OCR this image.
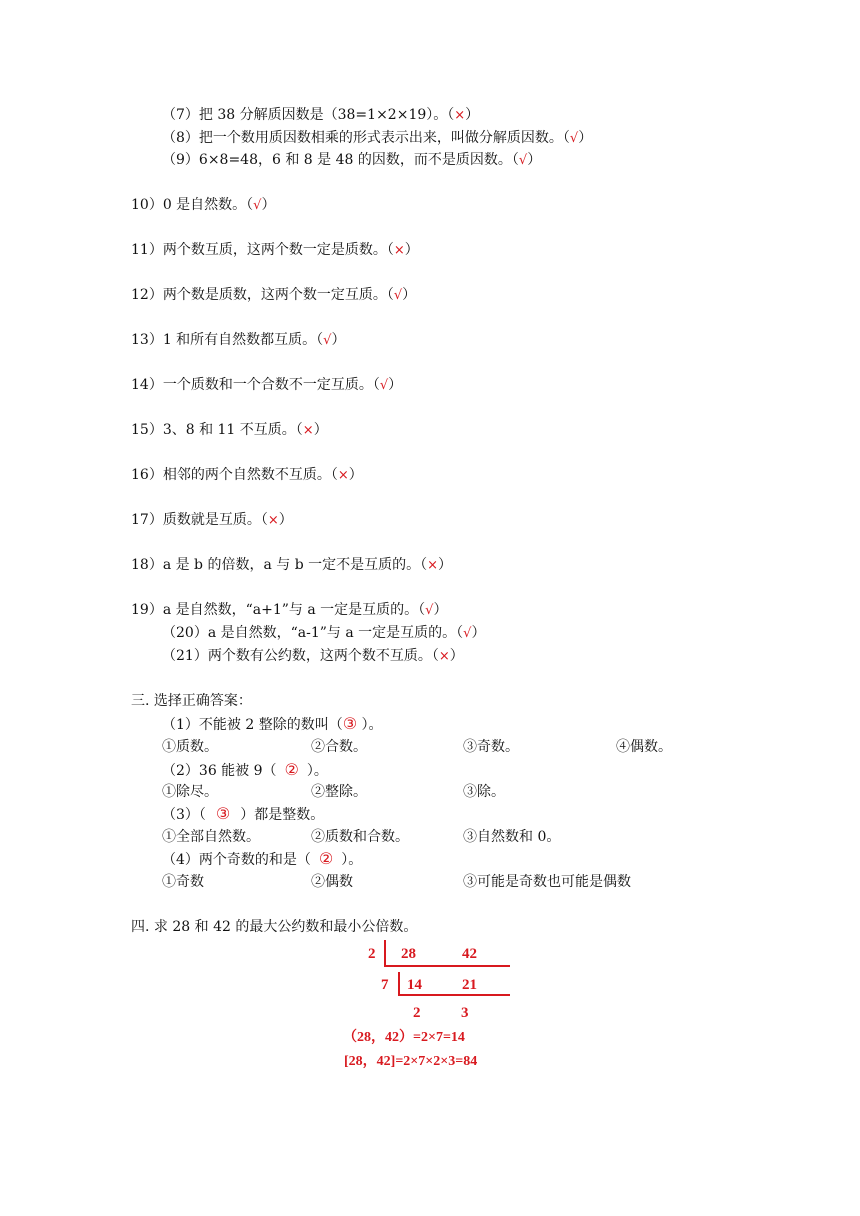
（7）把 38 分解质因数是（38=1×2×19）。（×）
（8）把一个数用质因数相乘的形式表示出来，叫做分解质因数。（√）
（9）6×8=48，6 和 8 是 48 的因数，而不是质因数。（√）
10）0 是自然数。（√）
11）两个数互质，这两个数一定是质数。（×）
12）两个数是质数，这两个数一定互质。（√）
13）1 和所有自然数都互质。（√）
14）一个质数和一个合数不一定互质。（√）
15）3、8 和 11 不互质。（×）
16）相邻的两个自然数不互质。（×）
17）质数就是互质。（×）
18）a 是 b 的倍数，a 与 b 一定不是互质的。（×）
19）a 是自然数，“a+1”与 a 一定是互质的。（√）
（20）a 是自然数，“a-1”与 a 一定是互质的。（√）
（21）两个数有公约数，这两个数不互质。（×）
三. 选择正确答案：
（1）不能被 2 整除的数叫（③ ）。
①质数。	②合数。	③奇数。	④偶数。
（2）36 能被 9（ ② ）。
①除尽。	②整除。	③除。
（3）（ ③ ）都是整数。
①全部自然数。	②质数和合数。	③自然数和 0。
（4）两个奇数的和是（ ② ）。
①奇数	②偶数	③可能是奇数也可能是偶数
四. 求 28 和 42 的最大公约数和最小公倍数。
2 28	42
7 14	21
2	3
（28，42）=2×7=14
[28，42]=2×7×2×3=84
